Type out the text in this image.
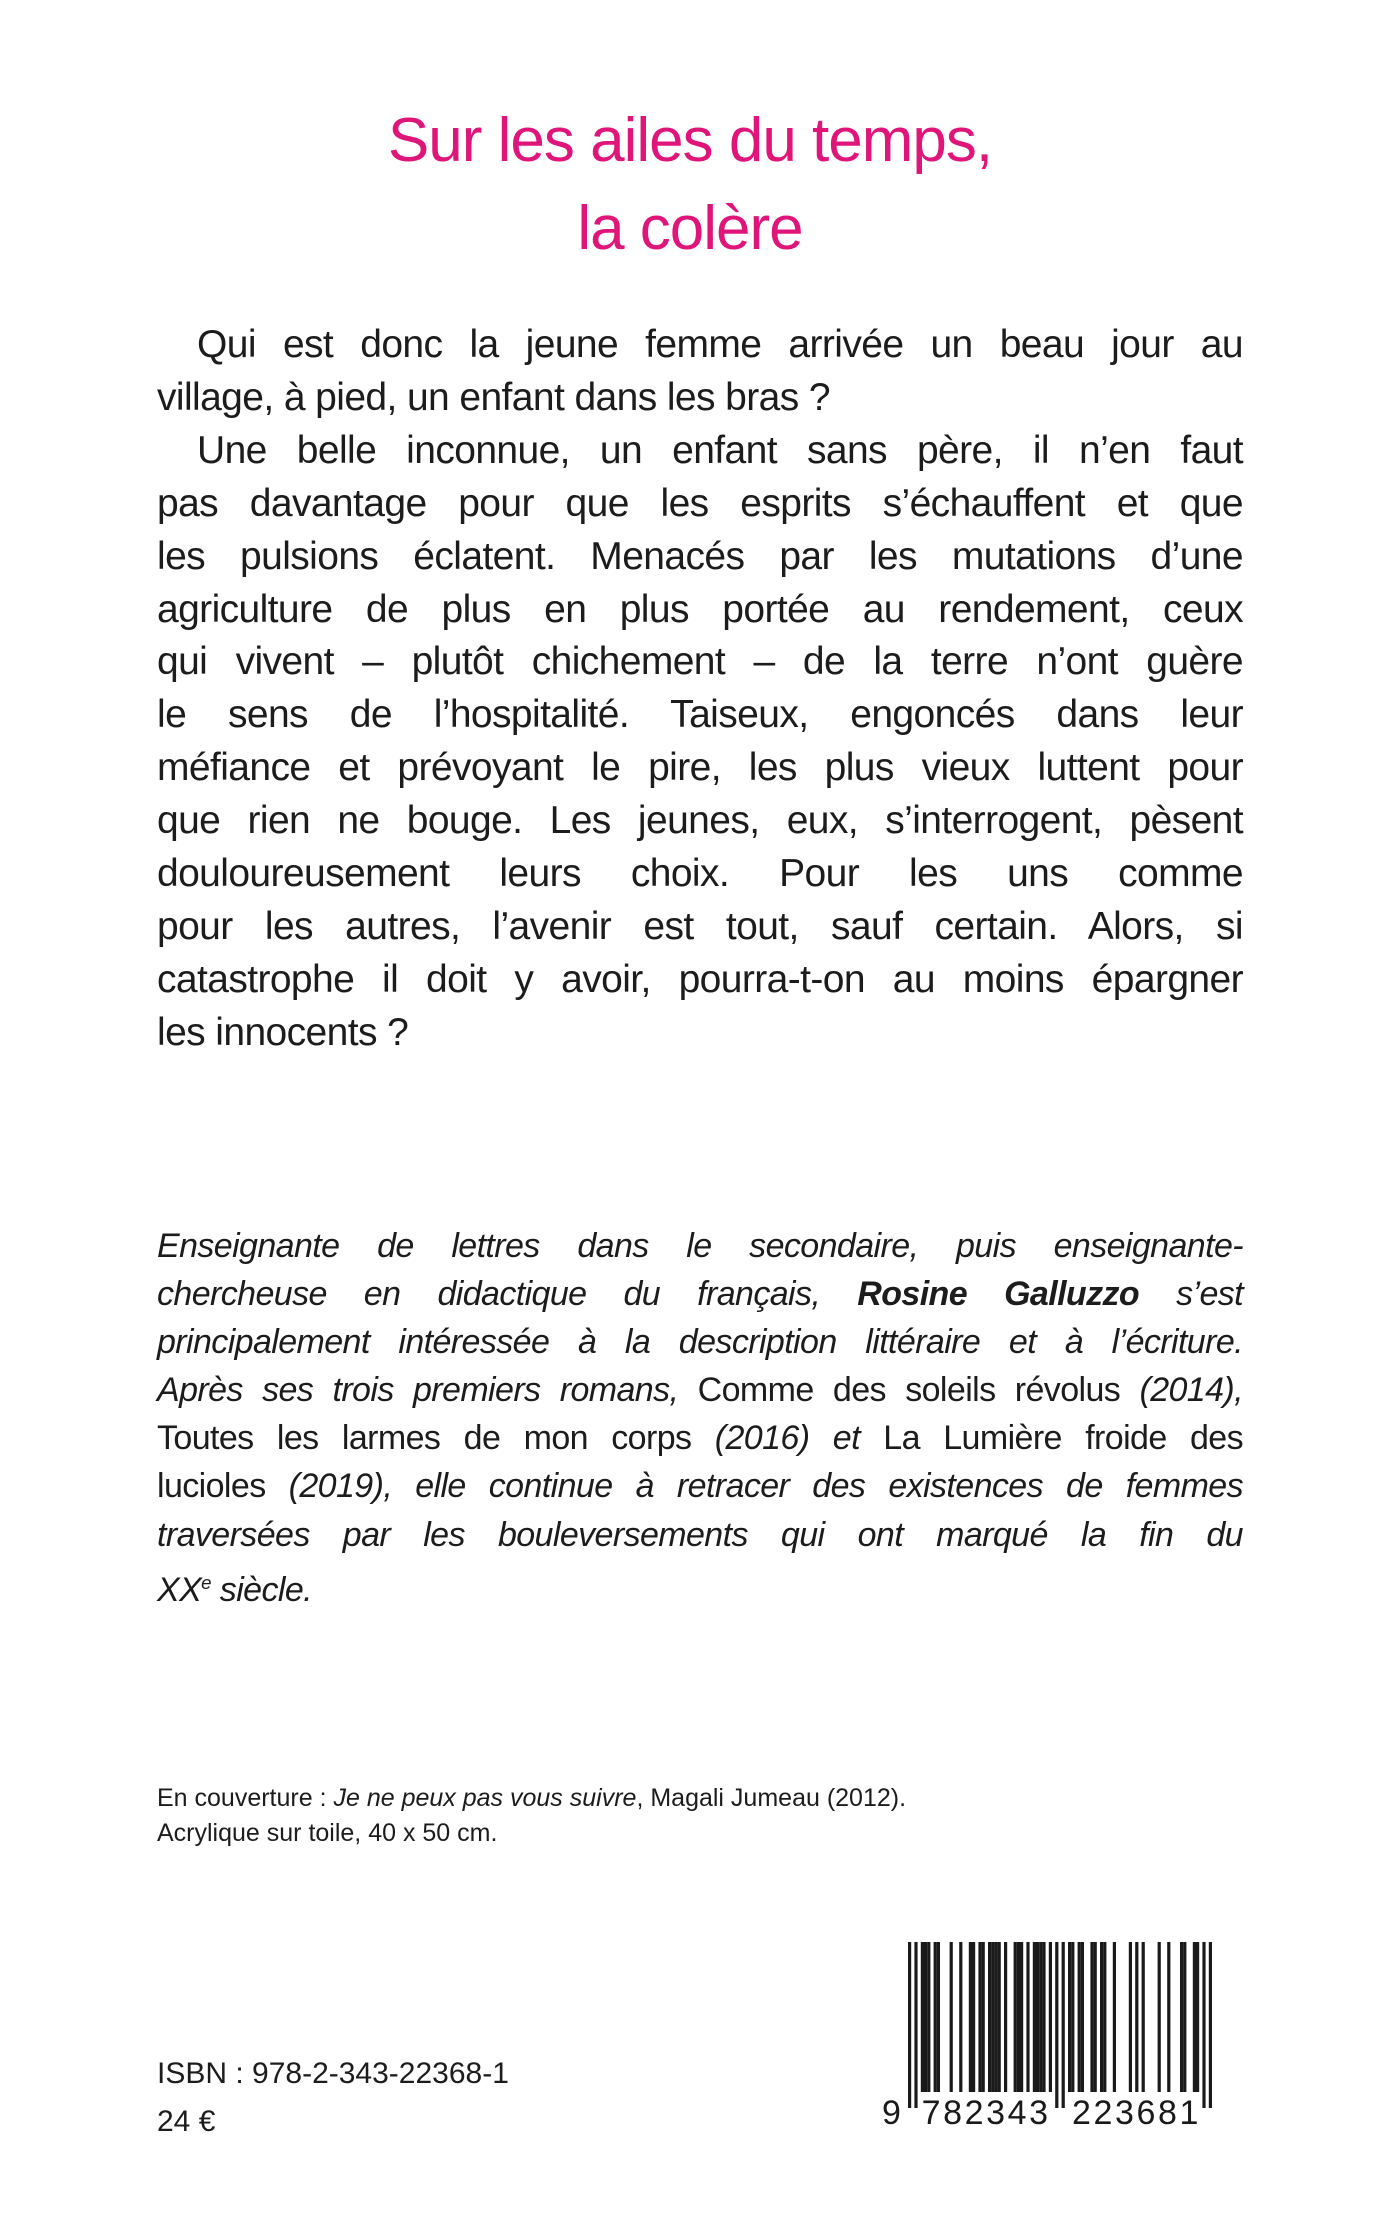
Sur les ailes du temps,
la colère
Qui est donc la jeune femme arrivée un beau jour au
village, à pied, un enfant dans les bras ?
Une belle inconnue, un enfant sans père, il n’en faut
pas davantage pour que les esprits s’échauffent et que
les pulsions éclatent. Menacés par les mutations d’une
agriculture de plus en plus portée au rendement, ceux
qui vivent – plutôt chichement – de la terre n’ont guère
le sens de l’hospitalité. Taiseux, engoncés dans leur
méfiance et prévoyant le pire, les plus vieux luttent pour
que rien ne bouge. Les jeunes, eux, s’interrogent, pèsent
douloureusement leurs choix. Pour les uns comme
pour les autres, l’avenir est tout, sauf certain. Alors, si
catastrophe il doit y avoir, pourra-t-on au moins épargner
les innocents ?
Enseignante de lettres dans le secondaire, puis enseignante-
chercheuse en didactique du français, Rosine Galluzzo s’est
principalement intéressée à la description littéraire et à l’écriture.
Après ses trois premiers romans, Comme des soleils révolus (2014),
Toutes les larmes de mon corps (2016) et La Lumière froide des
lucioles (2019), elle continue à retracer des existences de femmes
traversées par les bouleversements qui ont marqué la fin du
XXe siècle.
En couverture : Je ne peux pas vous suivre, Magali Jumeau (2012).
Acrylique sur toile, 40 x 50 cm.
ISBN : 978-2-343-22368-1
24 €	9 782343 223681
